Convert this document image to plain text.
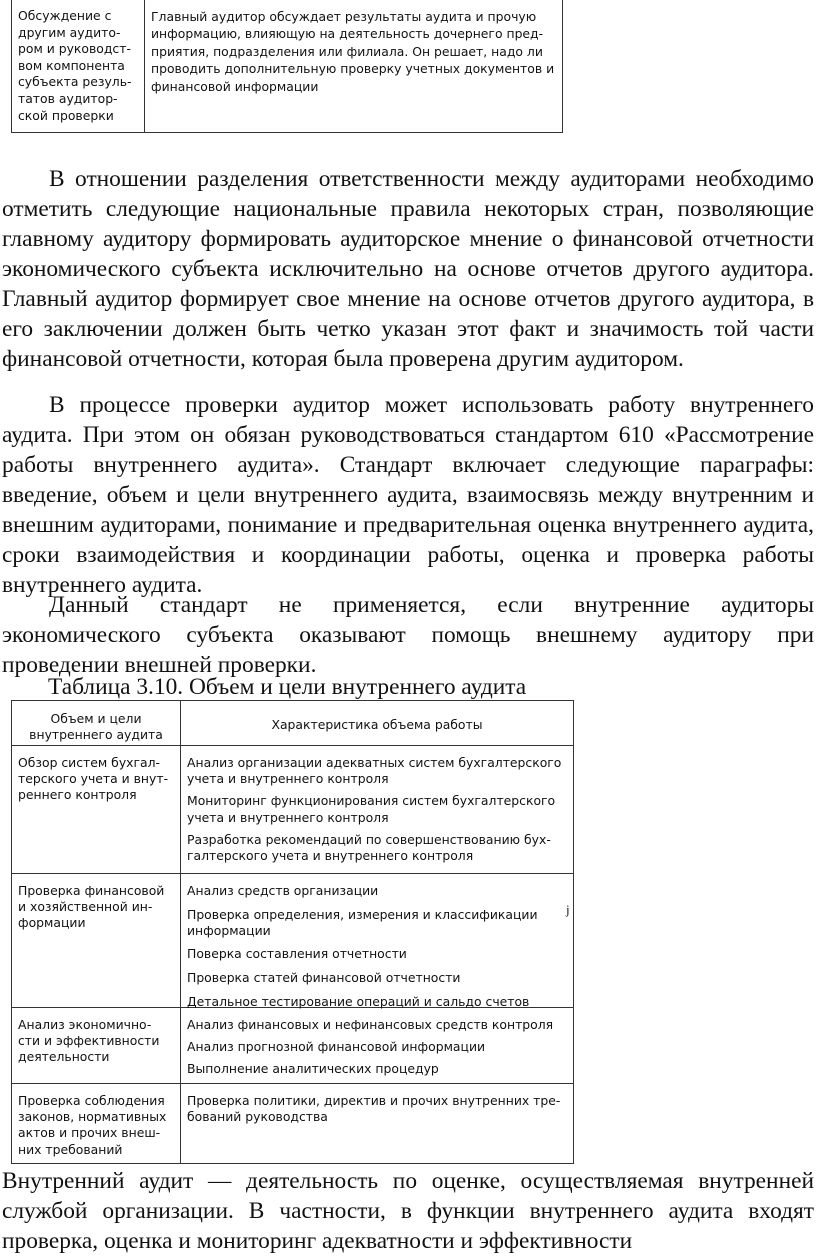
Обсуждение с
другим аудито-
ром и руководст-
вом компонента
субъекта резуль-
татов аудитор-
ской проверки
Главный аудитор обсуждает результаты аудита и прочую
информацию, влияющую на деятельность дочернего пред-
приятия, подразделения или филиала. Он решает, надо ли
проводить дополнительную проверку учетных документов и
финансовой информации

В отношении разделения ответственности между аудиторами необходимо отметить следующие национальные правила некоторых стран, позволяющие главному аудитору формировать аудиторское мнение о финансовой отчетности экономического субъекта исключительно на основе отчетов другого аудитора. Главный аудитор формирует свое мнение на основе отчетов другого аудитора, в его заключении должен быть четко указан этот факт и значимость той части финансовой отчетности, которая была проверена другим аудитором.

В процессе проверки аудитор может использовать работу внутреннего аудита. При этом он обязан руководствоваться стандартом 610 «Рассмотрение работы внутреннего аудита». Стандарт включает следующие параграфы: введение, объем и цели внутреннего аудита, взаимосвязь между внутренним и внешним аудиторами, понимание и предварительная оценка внутреннего аудита, сроки взаимодействия и координации работы, оценка и проверка работы внутреннего аудита.

Данный стандарт не применяется, если внутренние аудиторы экономического субъекта оказывают помощь внешнему аудитору при проведении внешней проверки.

Таблица 3.10. Объем и цели внутреннего аудита

Объем и цели
внутреннего аудита
Характеристика объема работы
Обзор систем бухгал-
терского учета и внут-
реннего контроля
Анализ организации адекватных систем бухгалтерского
учета и внутреннего контроля
Мониторинг функционирования систем бухгалтерского
учета и внутреннего контроля
Разработка рекомендаций по совершенствованию бух-
галтерского учета и внутреннего контроля
Проверка финансовой
и хозяйственной ин-
формации
Анализ средств организации
Проверка определения, измерения и классификации
информации
Поверка составления отчетности
Проверка статей финансовой отчетности
Детальное тестирование операций и сальдо счетов
Анализ экономичнo-
сти и эффективности
деятельности
Анализ финансовых и нефинансовых средств контроля
Анализ прогнозной финансовой информации
Выполнение аналитических процедур
Проверка соблюдения
законов, нормативных
актов и прочих внеш-
них требований
Проверка политики, директив и прочих внутренних тре-
бований руководства
j

Внутренний аудит — деятельность по оценке, осуществляемая внутренней службой организации. В частности, в функции внутреннего аудита входят проверка, оценка и мониторинг адекватности и эффективности
